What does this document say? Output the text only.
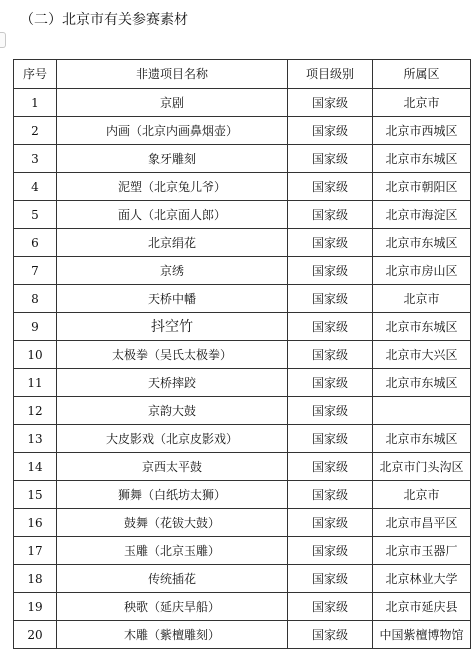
（二）北京市有关参赛素材
序号	非遗项目名称	项目级别	所属区
1	京剧	国家级	北京市
2	内画（北京内画鼻烟壶）	国家级	北京市西城区
3	象牙雕刻	国家级	北京市东城区
4	泥塑（北京兔儿爷）	国家级	北京市朝阳区
5	面人（北京面人郎）	国家级	北京市海淀区
6	北京绢花	国家级	北京市东城区
7	京绣	国家级	北京市房山区
8	天桥中幡	国家级	北京市
9	抖空竹	国家级	北京市东城区
10	太极拳（吴氏太极拳）	国家级	北京市大兴区
11	天桥摔跤	国家级	北京市东城区
12	京韵大鼓	国家级	
13	⼤皮影戏（北京皮影戏）	国家级	北京市东城区
14	京西太平鼓	国家级	北京市门头沟区
15	狮舞（白纸坊太狮）	国家级	北京市
16	鼓舞（花钹大鼓）	国家级	北京市昌平区
17	玉雕（北京玉雕）	国家级	北京市玉器厂
18	传统插花	国家级	北京林业大学
19	秧歌（延庆旱船）	国家级	北京市延庆县
20	木雕（紫檀雕刻）	国家级	中国紫檀博物馆
